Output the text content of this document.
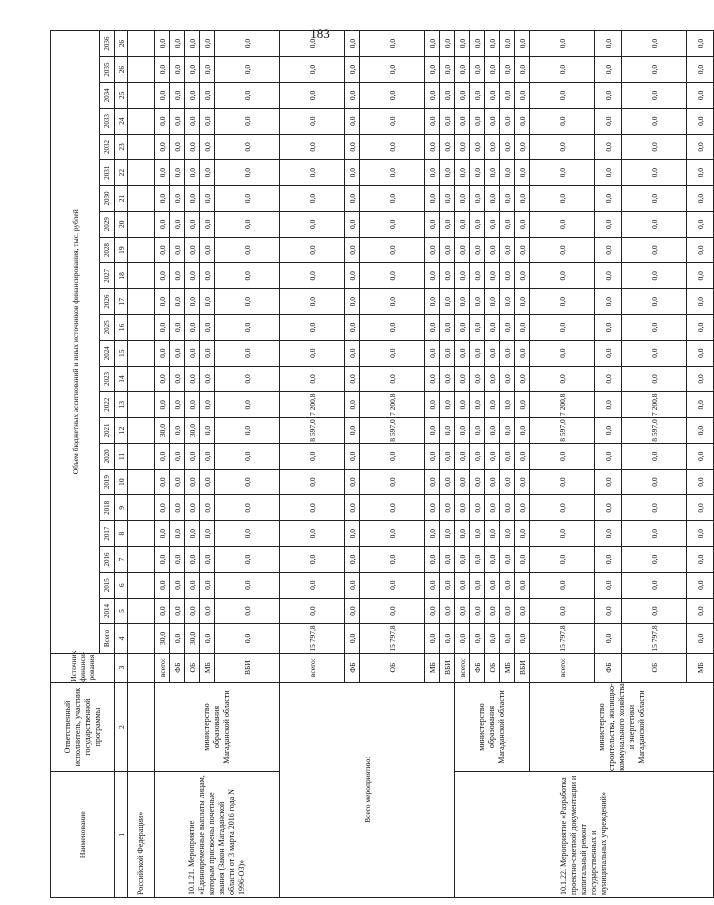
183
Наименование	Ответственный исполнитель, участник государственной программы	Источник финанси-рования	Объем бюджетных ассигнований и иных источников финансирования, тыс. рублей																							
			Всего	2014	2015	2016	2017	2018	2019	2020	2021	2022	2023	2024	2025	2026	2027	2028	2029	2030	2031	2032	2033	2034	2035	2036
1	2	3	4	5	6	7	8	9	10	11	12	13	14	15	16	17	18	19	20	21	22	23	24	25	26	26
Российской Федерации»																										
10.1.21. Мероприятие «Единовременные выплаты лицам, которым присвоены почетные звания (Закон Магаданской области от 3 марта 2016 года N 1996-ОЗ)»	министерство образования Магаданской области	всего:	30,0	0,0	0,0	0,0	0,0	0,0	0,0	0,0	30,0	0,0	0,0	0,0	0,0	0,0	0,0	0,0	0,0	0,0	0,0	0,0	0,0	0,0	0,0	0,0
		ФБ	0,0	0,0	0,0	0,0	0,0	0,0	0,0	0,0	0,0	0,0	0,0	0,0	0,0	0,0	0,0	0,0	0,0	0,0	0,0	0,0	0,0	0,0	0,0	0,0
		ОБ	30,0	0,0	0,0	0,0	0,0	0,0	0,0	0,0	30,0	0,0	0,0	0,0	0,0	0,0	0,0	0,0	0,0	0,0	0,0	0,0	0,0	0,0	0,0	0,0
		МБ	0,0	0,0	0,0	0,0	0,0	0,0	0,0	0,0	0,0	0,0	0,0	0,0	0,0	0,0	0,0	0,0	0,0	0,0	0,0	0,0	0,0	0,0	0,0	0,0
		ВБИ	0,0	0,0	0,0	0,0	0,0	0,0	0,0	0,0	0,0	0,0	0,0	0,0	0,0	0,0	0,0	0,0	0,0	0,0	0,0	0,0	0,0	0,0	0,0	0,0
Всего мероприятию:		всего:	15 797,8	0,0	0,0	0,0	0,0	0,0	0,0	0,0	8 597,0	7 200,8	0,0	0,0	0,0	0,0	0,0	0,0	0,0	0,0	0,0	0,0	0,0	0,0	0,0	0,0
		ФБ	0,0	0,0	0,0	0,0	0,0	0,0	0,0	0,0	0,0	0,0	0,0	0,0	0,0	0,0	0,0	0,0	0,0	0,0	0,0	0,0	0,0	0,0	0,0	0,0
		ОБ	15 797,8	0,0	0,0	0,0	0,0	0,0	0,0	0,0	8 597,0	7 200,8	0,0	0,0	0,0	0,0	0,0	0,0	0,0	0,0	0,0	0,0	0,0	0,0	0,0	0,0
		МБ	0,0	0,0	0,0	0,0	0,0	0,0	0,0	0,0	0,0	0,0	0,0	0,0	0,0	0,0	0,0	0,0	0,0	0,0	0,0	0,0	0,0	0,0	0,0	0,0
		ВБИ	0,0	0,0	0,0	0,0	0,0	0,0	0,0	0,0	0,0	0,0	0,0	0,0	0,0	0,0	0,0	0,0	0,0	0,0	0,0	0,0	0,0	0,0	0,0	0,0
10.1.22. Мероприятие «Разработка проектно-сметной документации и капитальный ремонт государственных и муниципальных учреждений»	министерство образования Магаданской области	всего:	0,0	0,0	0,0	0,0	0,0	0,0	0,0	0,0	0,0	0,0	0,0	0,0	0,0	0,0	0,0	0,0	0,0	0,0	0,0	0,0	0,0	0,0	0,0	0,0
		ФБ	0,0	0,0	0,0	0,0	0,0	0,0	0,0	0,0	0,0	0,0	0,0	0,0	0,0	0,0	0,0	0,0	0,0	0,0	0,0	0,0	0,0	0,0	0,0	0,0
		ОБ	0,0	0,0	0,0	0,0	0,0	0,0	0,0	0,0	0,0	0,0	0,0	0,0	0,0	0,0	0,0	0,0	0,0	0,0	0,0	0,0	0,0	0,0	0,0	0,0
		МБ	0,0	0,0	0,0	0,0	0,0	0,0	0,0	0,0	0,0	0,0	0,0	0,0	0,0	0,0	0,0	0,0	0,0	0,0	0,0	0,0	0,0	0,0	0,0	0,0
		ВБИ	0,0	0,0	0,0	0,0	0,0	0,0	0,0	0,0	0,0	0,0	0,0	0,0	0,0	0,0	0,0	0,0	0,0	0,0	0,0	0,0	0,0	0,0	0,0	0,0
	министерство строительства, жилищно-коммунального хозяйства и энергетики Магаданской области	всего:	15 797,8	0,0	0,0	0,0	0,0	0,0	0,0	0,0	8 597,0	7 200,8	0,0	0,0	0,0	0,0	0,0	0,0	0,0	0,0	0,0	0,0	0,0	0,0	0,0	0,0
		ФБ	0,0	0,0	0,0	0,0	0,0	0,0	0,0	0,0	0,0	0,0	0,0	0,0	0,0	0,0	0,0	0,0	0,0	0,0	0,0	0,0	0,0	0,0	0,0	0,0
		ОБ	15 797,8	0,0	0,0	0,0	0,0	0,0	0,0	0,0	8 597,0	7 200,8	0,0	0,0	0,0	0,0	0,0	0,0	0,0	0,0	0,0	0,0	0,0	0,0	0,0	0,0
		МБ	0,0	0,0	0,0	0,0	0,0	0,0	0,0	0,0	0,0	0,0	0,0	0,0	0,0	0,0	0,0	0,0	0,0	0,0	0,0	0,0	0,0	0,0	0,0	0,0
